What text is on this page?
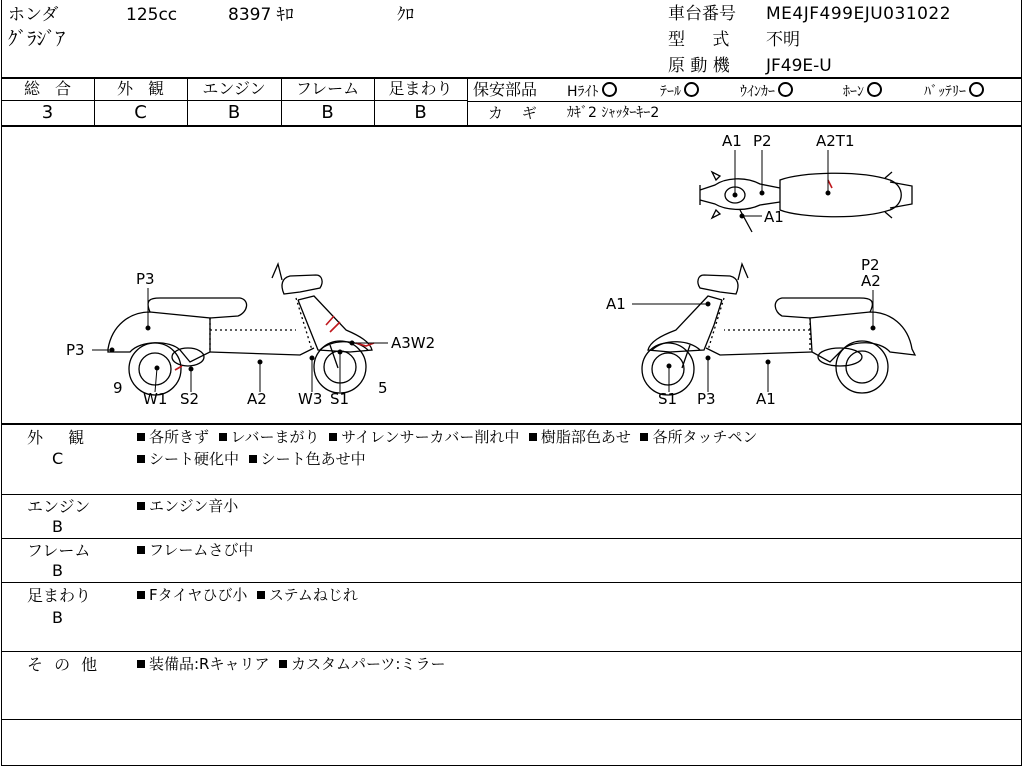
ホンダ	125cc	8397 ｷﾛ	ｸﾛ
ｸﾞﾗｼﾞｱ
車台番号 ME4JF499EJU031022
型 式 不明
原 動 機 JF49E-U
総 合
3
外 観
C
エンジン
B
フレーム
B
足まわり
B
保安部品 Hﾗｲﾄ	ﾃｰﾙ	ｳｲﾝｶｰ	ﾎｰﾝ	ﾊﾞｯﾃﾘｰ
カ ギ ｶｷﾞ2 ｼｬｯﾀｰｷｰ2
P3
P3
9
A3W2
5
W1 S2	A2 W3 S1
A1
P2
A2
S1 P3	A1
A1 P2	A2T1
A1
外 観
C
各所きず レバーまがり サイレンサーカバー削れ中 樹脂部色あせ 各所タッチペン
シート硬化中 シート色あせ中
エンジン
B
エンジン音小
フレーム
B
フレームさび中
足まわり
B
Fタイヤひび小 ステムねじれ
そ の 他	装備品:Rキャリア カスタムパーツ:ミラー
